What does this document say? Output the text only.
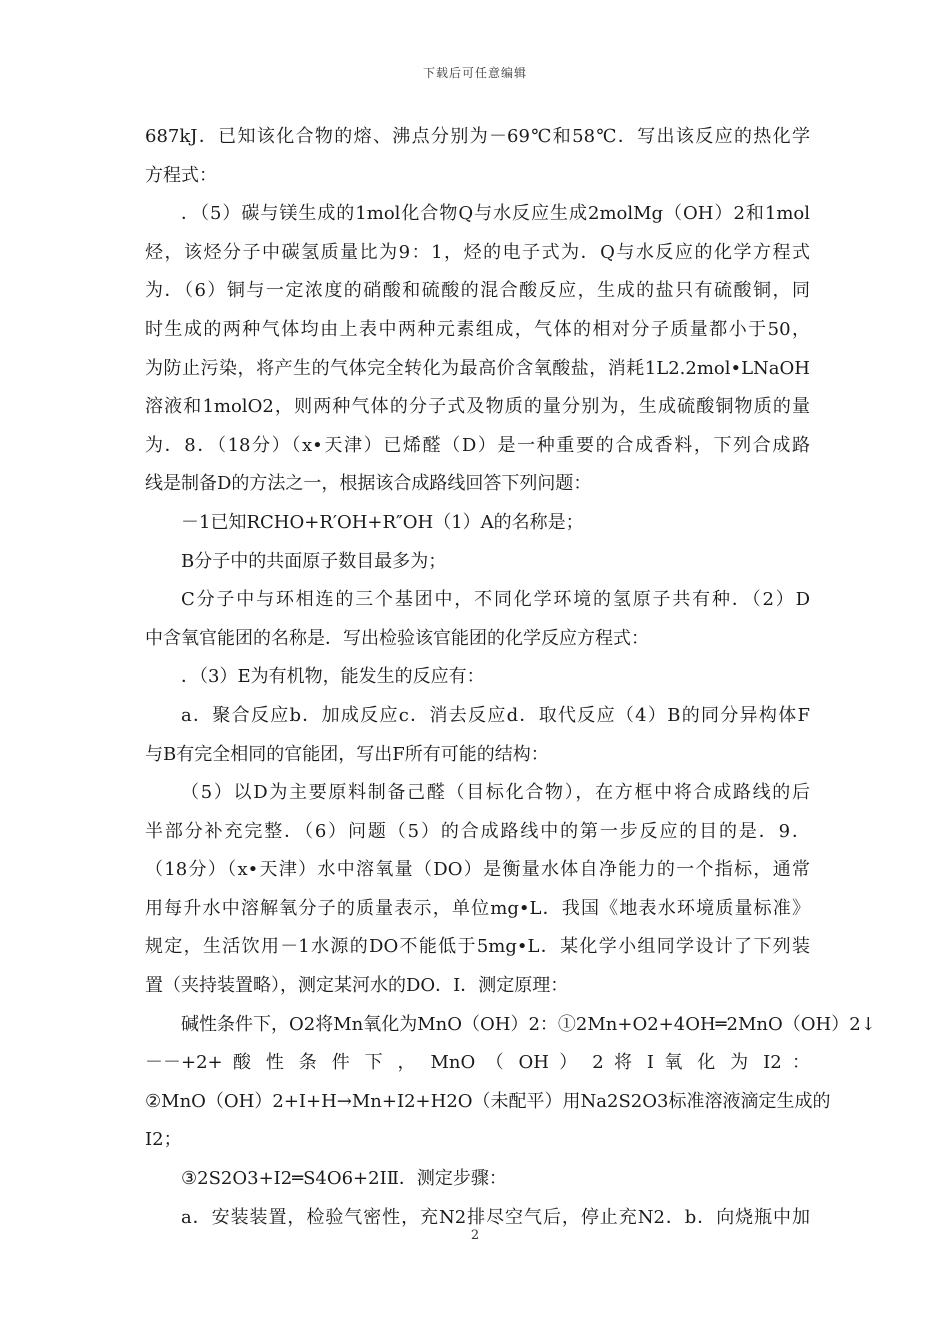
下载后可任意编辑
687kJ．已知该化合物的熔、沸点分别为－69℃和58℃．写出该反应的热化学
方程式：
．（5）碳与镁生成的1mol化合物Q与水反应生成2molMg（OH）2和1mol
烃，该烃分子中碳氢质量比为9：1，烃的电子式为．Q与水反应的化学方程式
为．（6）铜与一定浓度的硝酸和硫酸的混合酸反应，生成的盐只有硫酸铜，同
时生成的两种气体均由上表中两种元素组成，气体的相对分子质量都小于50，
为防止污染，将产生的气体完全转化为最高价含氧酸盐，消耗1L2.2mol•LNaOH
溶液和1molO2，则两种气体的分子式及物质的量分别为，生成硫酸铜物质的量
为．8．（18分）（x•天津）已烯醛（D）是一种重要的合成香料，下列合成路
线是制备D的方法之一，根据该合成路线回答下列问题：
－1已知RCHO+R′OH+R″OH（1）A的名称是；
B分子中的共面原子数目最多为；
C分子中与环相连的三个基团中，不同化学环境的氢原子共有种．（2）D
中含氧官能团的名称是．写出检验该官能团的化学反应方程式：
．（3）E为有机物，能发生的反应有：
a．聚合反应b．加成反应c．消去反应d．取代反应（4）B的同分异构体F
与B有完全相同的官能团，写出F所有可能的结构：
（5）以D为主要原料制备己醛（目标化合物），在方框中将合成路线的后
半部分补充完整．（6）问题（5）的合成路线中的第一步反应的目的是．9．
（18分）（x•天津）水中溶氧量（DO）是衡量水体自净能力的一个指标，通常
用每升水中溶解氧分子的质量表示，单位mg•L．我国《地表水环境质量标准》
规定，生活饮用－1水源的DO不能低于5mg•L．某化学小组同学设计了下列装
置（夹持装置略），测定某河水的DO．Ⅰ．测定原理：
碱性条件下，O2将Mn氧化为MnO（OH）2：①2Mn+O2+4OH═2MnO（OH）2↓
－－+2+ 酸 性 条 件 下 ， MnO （ OH ） 2 将 I 氧 化 为 I2 ：
②MnO（OH）2+I+H→Mn+I2+H2O（未配平）用Na2S2O3标准溶液滴定生成的
I2；
③2S2O3+I2═S4O6+2IⅡ．测定步骤：
a．安装装置，检验气密性，充N2排尽空气后，停止充N2．b．向烧瓶中加
2
